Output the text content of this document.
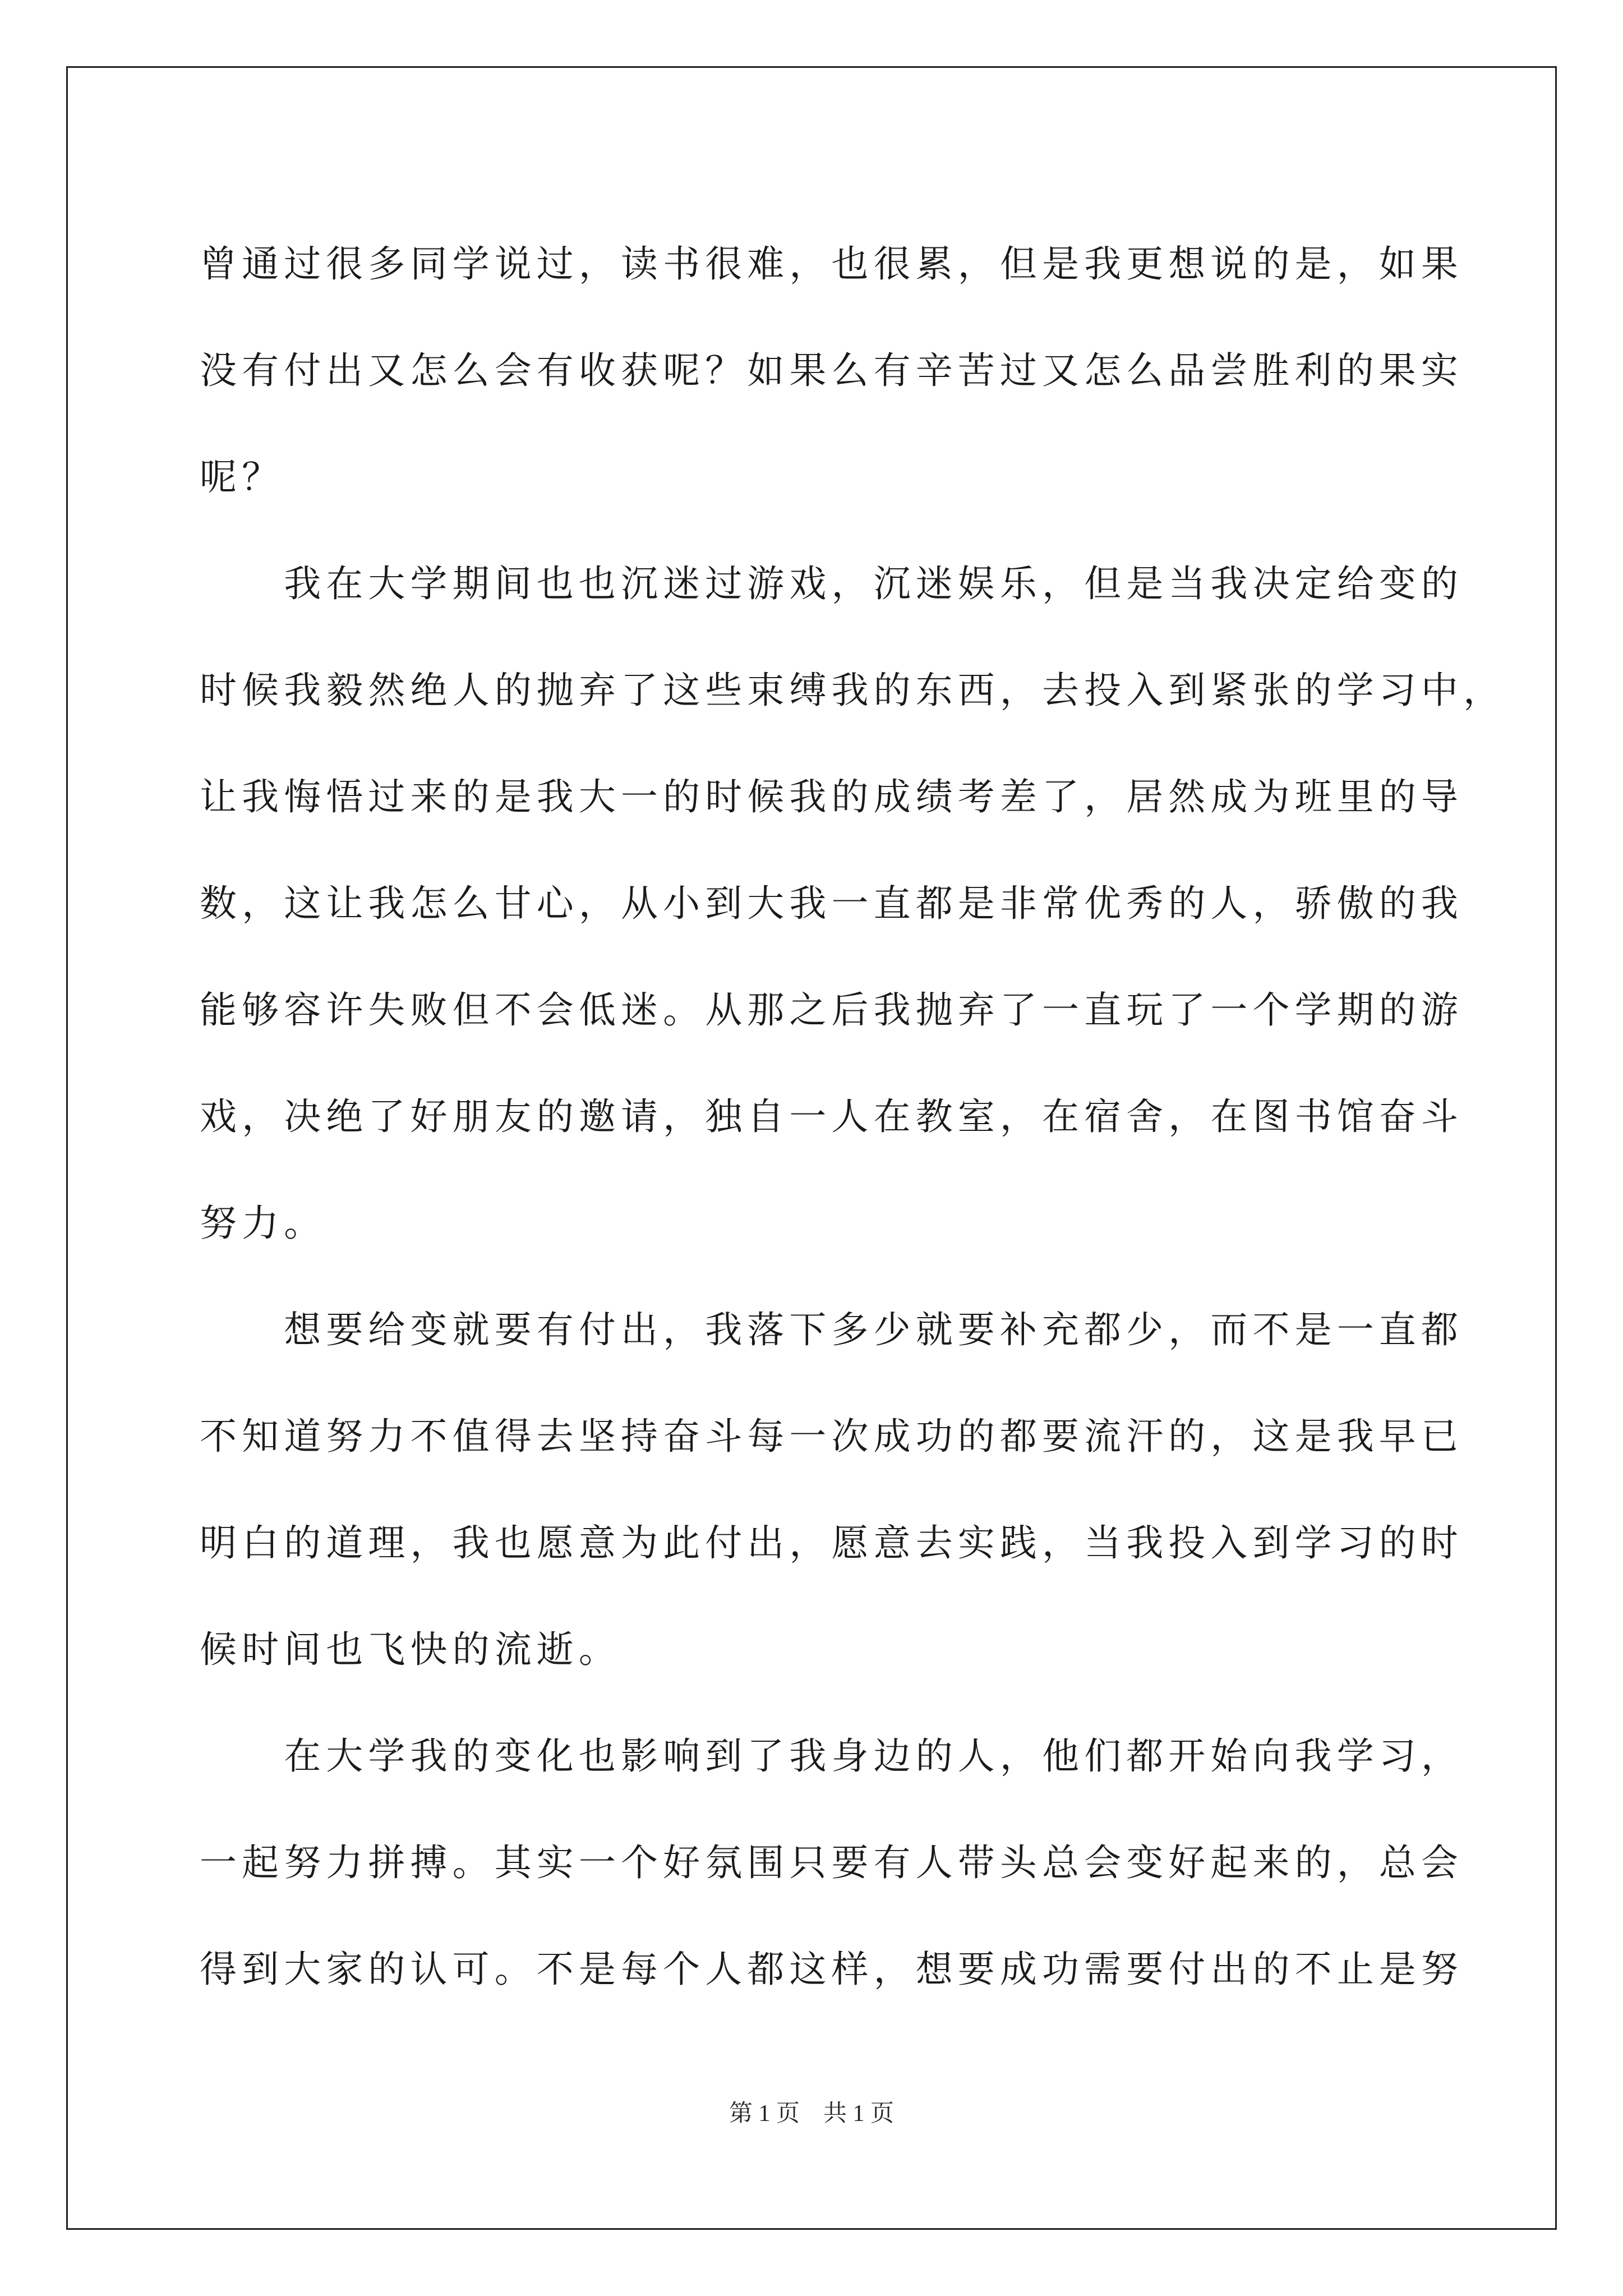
曾通过很多同学说过，读书很难，也很累，但是我更想说的是，如果
没有付出又怎么会有收获呢？如果么有辛苦过又怎么品尝胜利的果实
呢？
　　我在大学期间也也沉迷过游戏，沉迷娱乐，但是当我决定给变的
时候我毅然绝人的抛弃了这些束缚我的东西，去投入到紧张的学习中，
让我悔悟过来的是我大一的时候我的成绩考差了，居然成为班里的导
数，这让我怎么甘心，从小到大我一直都是非常优秀的人，骄傲的我
能够容许失败但不会低迷。从那之后我抛弃了一直玩了一个学期的游
戏，决绝了好朋友的邀请，独自一人在教室，在宿舍，在图书馆奋斗
努力。
　　想要给变就要有付出，我落下多少就要补充都少，而不是一直都
不知道努力不值得去坚持奋斗每一次成功的都要流汗的，这是我早已
明白的道理，我也愿意为此付出，愿意去实践，当我投入到学习的时
候时间也飞快的流逝。
　　在大学我的变化也影响到了我身边的人，他们都开始向我学习，
一起努力拼搏。其实一个好氛围只要有人带头总会变好起来的，总会
得到大家的认可。不是每个人都这样，想要成功需要付出的不止是努
第 1 页 共 1 页
